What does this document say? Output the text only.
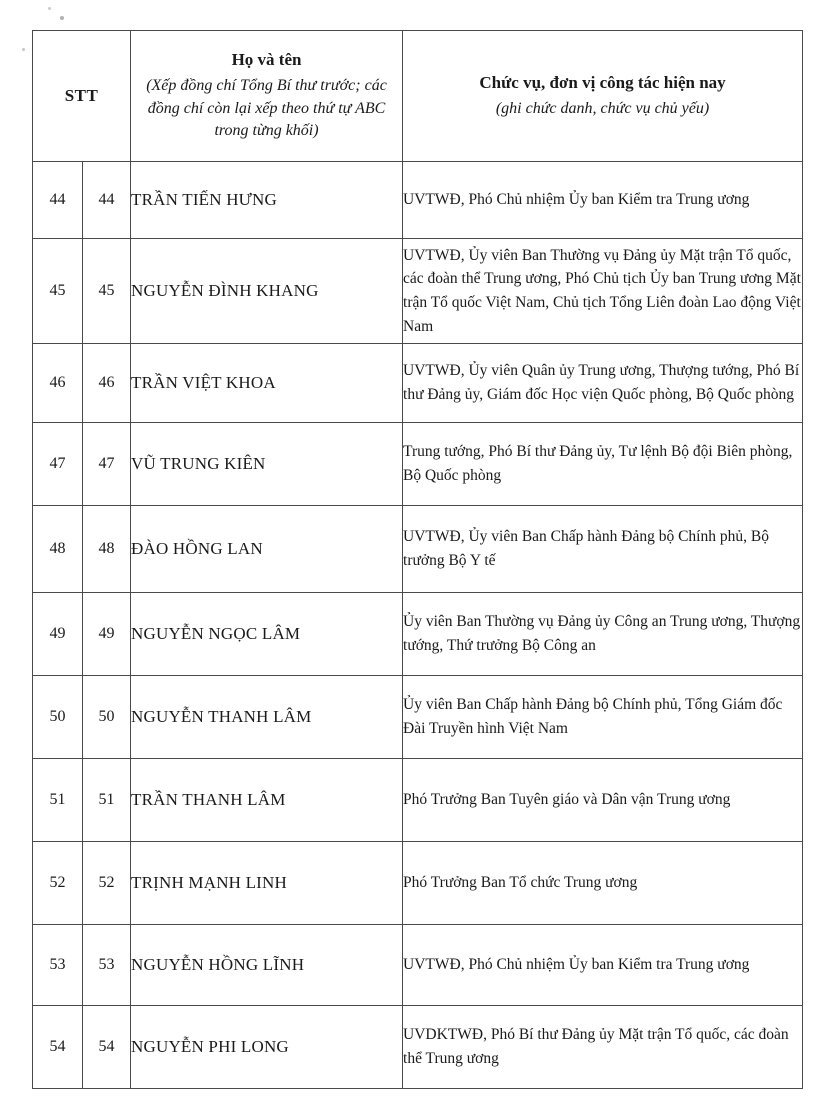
STT		Họ và tên
(Xếp đồng chí Tổng Bí thư trước; các đồng chí còn lại xếp theo thứ tự ABC trong từng khối)	Chức vụ, đơn vị công tác hiện nay
(ghi chức danh, chức vụ chủ yếu)

44	44	TRẦN TIẾN HƯNG	UVTWĐ, Phó Chủ nhiệm Ủy ban Kiểm tra Trung ương
45	45	NGUYỄN ĐÌNH KHANG	UVTWĐ, Ủy viên Ban Thường vụ Đảng ủy Mặt trận Tổ quốc, các đoàn thể Trung ương, Phó Chủ tịch Ủy ban Trung ương Mặt trận Tổ quốc Việt Nam, Chủ tịch Tổng Liên đoàn Lao động Việt Nam
46	46	TRẦN VIỆT KHOA	UVTWĐ, Ủy viên Quân ủy Trung ương, Thượng tướng, Phó Bí thư Đảng ủy, Giám đốc Học viện Quốc phòng, Bộ Quốc phòng
47	47	VŨ TRUNG KIÊN	Trung tướng, Phó Bí thư Đảng ủy, Tư lệnh Bộ đội Biên phòng, Bộ Quốc phòng
48	48	ĐÀO HỒNG LAN	UVTWĐ, Ủy viên Ban Chấp hành Đảng bộ Chính phủ, Bộ trưởng Bộ Y tế
49	49	NGUYỄN NGỌC LÂM	Ủy viên Ban Thường vụ Đảng ủy Công an Trung ương, Thượng tướng, Thứ trưởng Bộ Công an
50	50	NGUYỄN THANH LÂM	Ủy viên Ban Chấp hành Đảng bộ Chính phủ, Tổng Giám đốc Đài Truyền hình Việt Nam
51	51	TRẦN THANH LÂM	Phó Trưởng Ban Tuyên giáo và Dân vận Trung ương
52	52	TRỊNH MẠNH LINH	Phó Trưởng Ban Tổ chức Trung ương
53	53	NGUYỄN HỒNG LĨNH	UVTWĐ, Phó Chủ nhiệm Ủy ban Kiểm tra Trung ương
54	54	NGUYỄN PHI LONG	UVDKTWĐ, Phó Bí thư Đảng ủy Mặt trận Tổ quốc, các đoàn thể Trung ương
